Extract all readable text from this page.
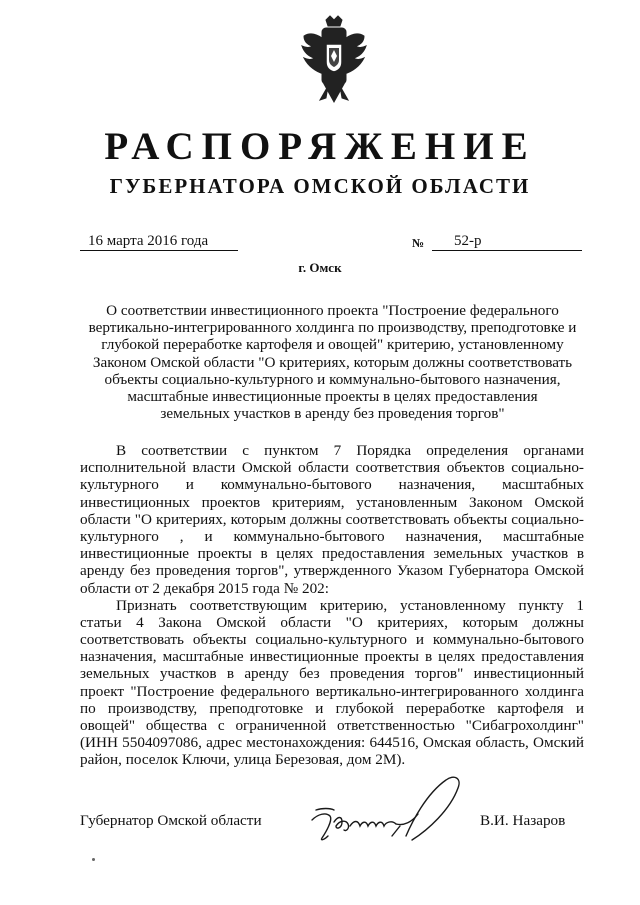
РАСПОРЯЖЕНИЕ
ГУБЕРНАТОРА ОМСКОЙ ОБЛАСТИ
16 марта 2016 года	№	52-р

г. Омск

О соответствии инвестиционного проекта "Построение федерального
вертикально-интегрированного холдинга по производству, преподготовке и
глубокой переработке картофеля и овощей" критерию, установленному
Законом Омской области "О критериях, которым должны соответствовать
объекты социально-культурного и коммунально-бытового назначения,
масштабные инвестиционные проекты в целях предоставления
земельных участков в аренду без проведения торгов"
В соответствии с пунктом 7 Порядка определения органами
исполнительной власти Омской области соответствия объектов социально-
культурного и коммунально-бытового назначения, масштабных
инвестиционных проектов критериям, установленным Законом Омской
области "О критериях, которым должны соответствовать объекты социально-
культурного , и коммунально-бытового назначения, масштабные
инвестиционные проекты в целях предоставления земельных участков в
аренду без проведения торгов", утвержденного Указом Губернатора Омской
области от 2 декабря 2015 года № 202:
Признать соответствующим критерию, установленному пункту 1
статьи 4 Закона Омской области "О критериях, которым должны
соответствовать объекты социально-культурного и коммунально-бытового
назначения, масштабные инвестиционные проекты в целях предоставления
земельных участков в аренду без проведения торгов" инвестиционный
проект "Построение федерального вертикально-интегрированного холдинга
по производству, преподготовке и глубокой переработке картофеля и
овощей" общества с ограниченной ответственностью "Сибагрохолдинг"
(ИНН 5504097086, адрес местонахождения: 644516, Омская область, Омский
район, поселок Ключи, улица Березовая, дом 2М).
Губернатор Омской области	В.И. Назаров
